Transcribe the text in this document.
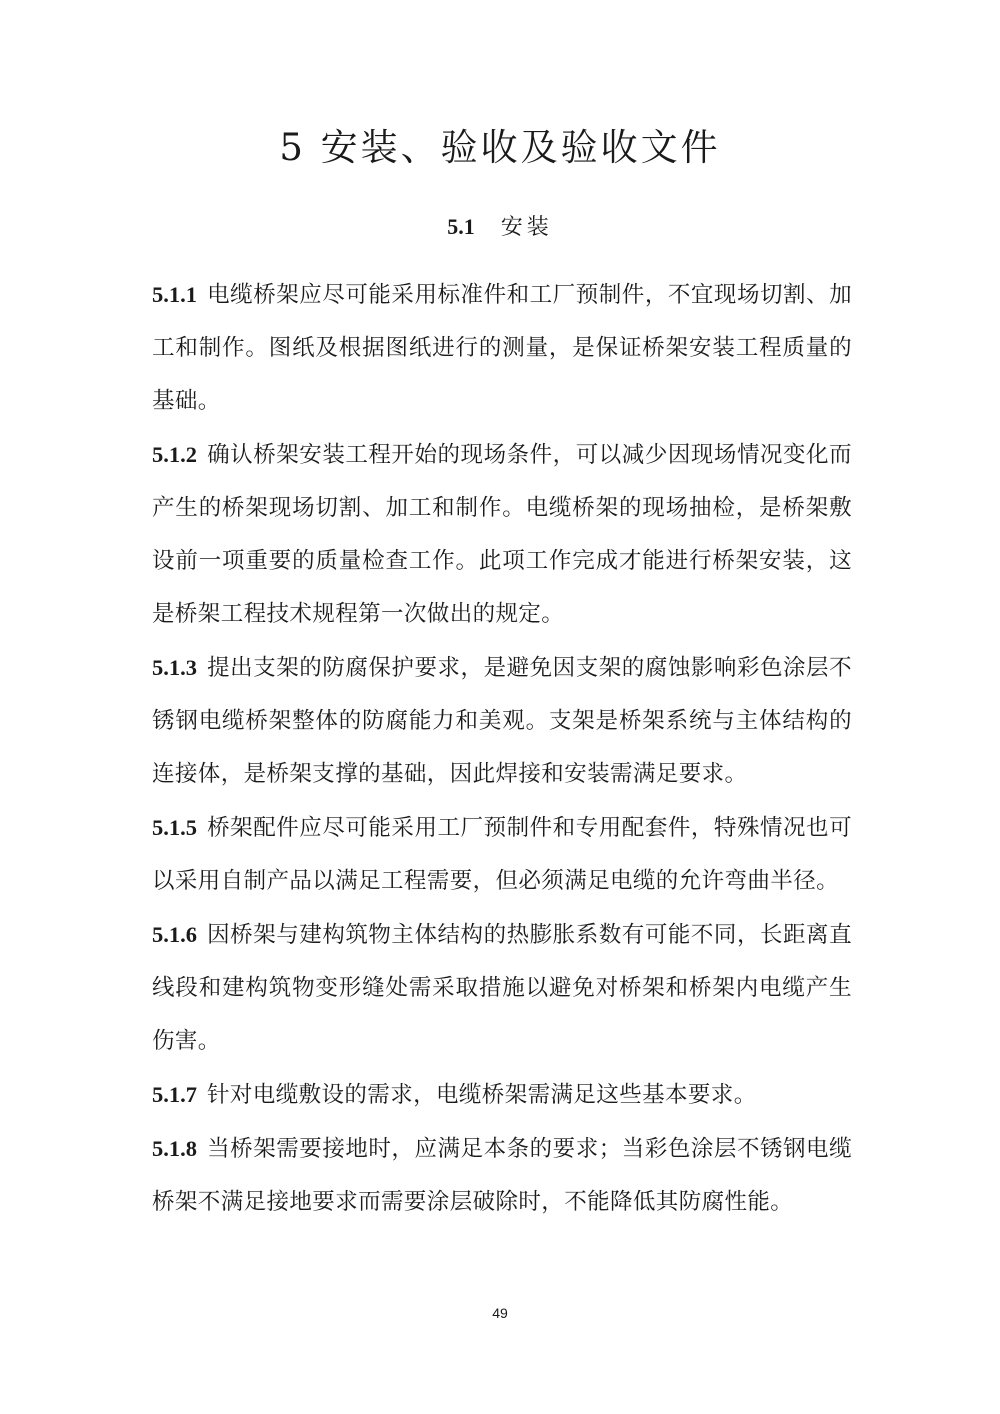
5 安装、验收及验收文件
5.1 安装

5.1.1 电缆桥架应尽可能采用标准件和工厂预制件，不宜现场切割、加工和制作。图纸及根据图纸进行的测量，是保证桥架安装工程质量的基础。

5.1.2 确认桥架安装工程开始的现场条件，可以减少因现场情况变化而产生的桥架现场切割、加工和制作。电缆桥架的现场抽检，是桥架敷设前一项重要的质量检查工作。此项工作完成才能进行桥架安装，这是桥架工程技术规程第一次做出的规定。

5.1.3 提出支架的防腐保护要求，是避免因支架的腐蚀影响彩色涂层不锈钢电缆桥架整体的防腐能力和美观。支架是桥架系统与主体结构的连接体，是桥架支撑的基础，因此焊接和安装需满足要求。

5.1.5 桥架配件应尽可能采用工厂预制件和专用配套件，特殊情况也可以采用自制产品以满足工程需要，但必须满足电缆的允许弯曲半径。

5.1.6 因桥架与建构筑物主体结构的热膨胀系数有可能不同，长距离直线段和建构筑物变形缝处需采取措施以避免对桥架和桥架内电缆产生伤害。

5.1.7 针对电缆敷设的需求，电缆桥架需满足这些基本要求。

5.1.8 当桥架需要接地时，应满足本条的要求；当彩色涂层不锈钢电缆桥架不满足接地要求而需要涂层破除时，不能降低其防腐性能。

49
